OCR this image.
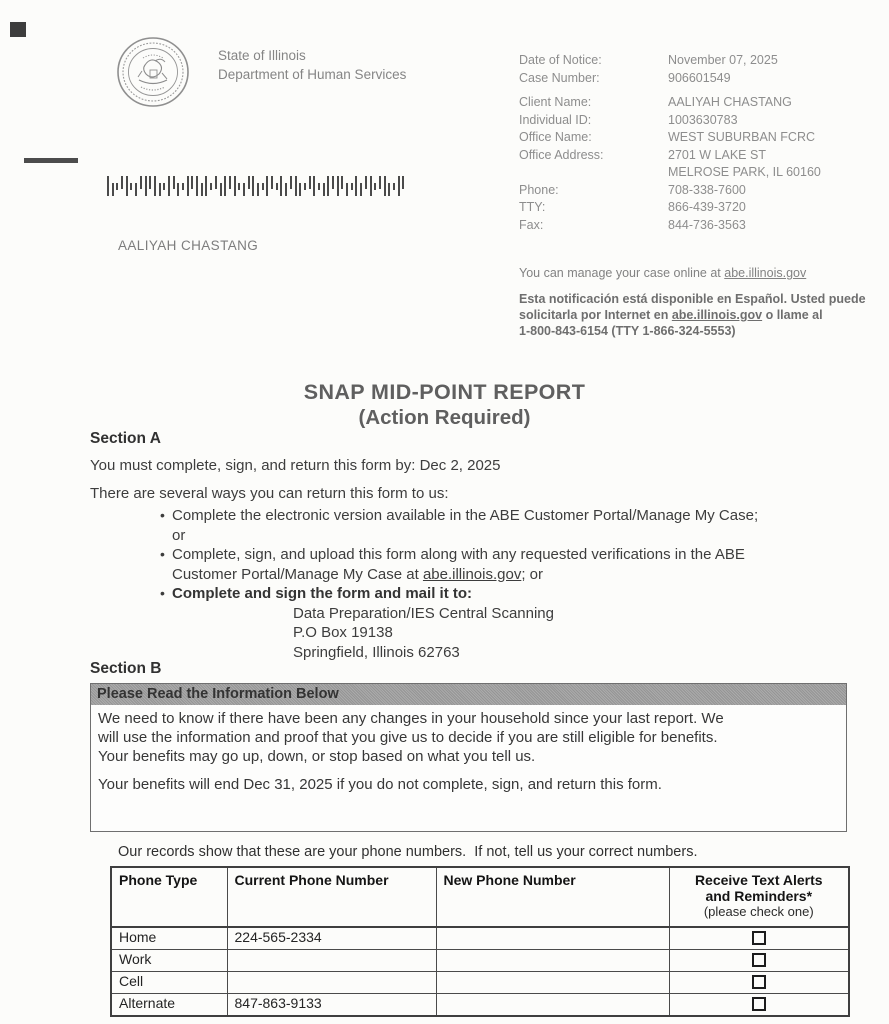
State of Illinois
Department of Human Services
Date of Notice:	November 07, 2025
Case Number:	906601549
Client Name:	AALIYAH CHASTANG
Individual ID:	1003630783
Office Name:	WEST SUBURBAN FCRC
Office Address:	2701 W LAKE ST
MELROSE PARK, IL 60160
Phone:	708-338-7600
TTY:	866-439-3720
Fax:	844-736-3563
You can manage your case online at abe.illinois.gov
Esta notificación está disponible en Español. Usted puede
solicitarla por Internet en abe.illinois.gov o llame al
1-800-843-6154 (TTY 1-866-324-5553)
AALIYAH CHASTANG
SNAP MID-POINT REPORT
(Action Required)
Section A
You must complete, sign, and return this form by: Dec 2, 2025
There are several ways you can return this form to us:
• Complete the electronic version available in the ABE Customer Portal/Manage My Case;
or
• Complete, sign, and upload this form along with any requested verifications in the ABE
Customer Portal/Manage My Case at abe.illinois.gov; or
• Complete and sign the form and mail it to:
Data Preparation/IES Central Scanning
P.O Box 19138
Springfield, Illinois 62763
Section B
Please Read the Information Below
We need to know if there have been any changes in your household since your last report. We
will use the information and proof that you give us to decide if you are still eligible for benefits.
Your benefits may go up, down, or stop based on what you tell us.
Your benefits will end Dec 31, 2025 if you do not complete, sign, and return this form.
Our records show that these are your phone numbers.  If not, tell us your correct numbers.
Phone Type	Current Phone Number	New Phone Number	Receive Text Alerts
and Reminders*
(please check one)

Home	224-565-2334		
Work			
Cell			
Alternate	847-863-9133		
